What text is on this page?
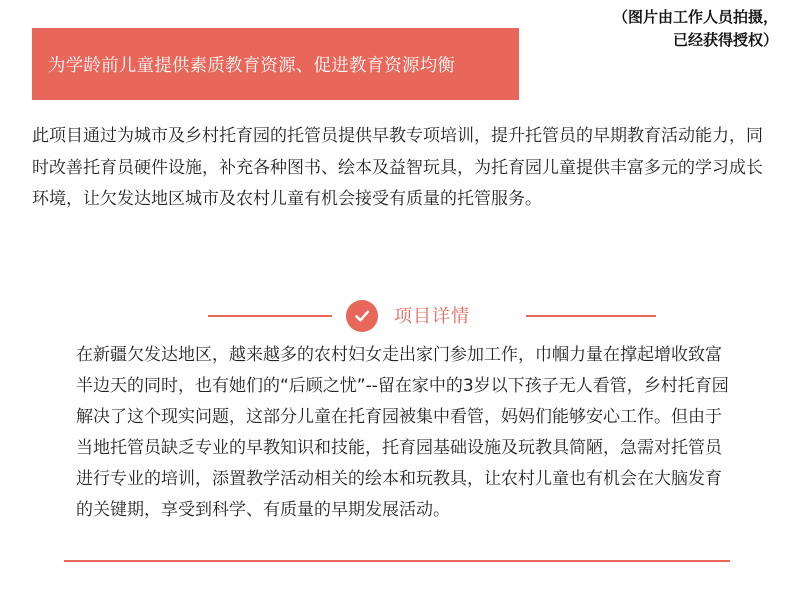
（图片由工作人员拍摄，
已经获得授权）
为学龄前儿童提供素质教育资源、促进教育资源均衡

此项目通过为城市及乡村托育园的托管员提供早教专项培训，提升托管员的早期教育活动能力，同时改善托育员硬件设施，补充各种图书、绘本及益智玩具，为托育园儿童提供丰富多元的学习成长环境，让欠发达地区城市及农村儿童有机会接受有质量的托管服务。

项目详情

在新疆欠发达地区，越来越多的农村妇女走出家门参加工作，巾帼力量在撑起增收致富半边天的同时，也有她们的“后顾之忧”--留在家中的3岁以下孩子无人看管，乡村托育园解决了这个现实问题，这部分儿童在托育园被集中看管，妈妈们能够安心工作。但由于当地托管员缺乏专业的早教知识和技能，托育园基础设施及玩教具简陋，急需对托管员进行专业的培训，添置教学活动相关的绘本和玩教具，让农村儿童也有机会在大脑发育的关键期，享受到科学、有质量的早期发展活动。
